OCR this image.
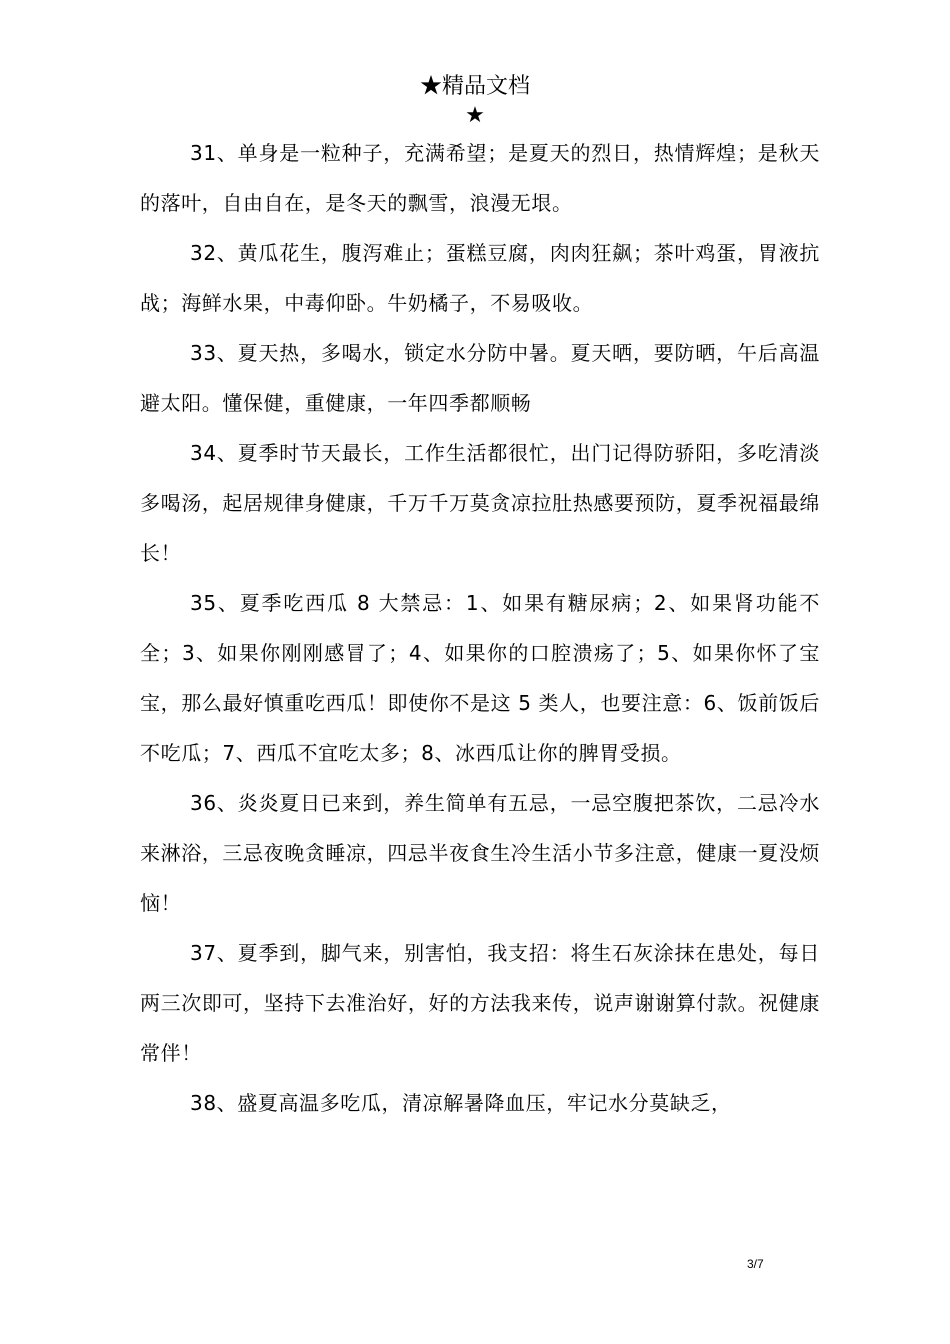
★精品文档
★

31、单身是一粒种子，充满希望；是夏天的烈日，热情辉煌；是秋天的落叶，自由自在，是冬天的飘雪，浪漫无垠。

32、黄瓜花生，腹泻难止；蛋糕豆腐，肉肉狂飙；茶叶鸡蛋，胃液抗战；海鲜水果，中毒仰卧。牛奶橘子，不易吸收。

33、夏天热，多喝水，锁定水分防中暑。夏天晒，要防晒，午后高温避太阳。懂保健，重健康，一年四季都顺畅

34、夏季时节天最长，工作生活都很忙，出门记得防骄阳，多吃清淡多喝汤，起居规律身健康，千万千万莫贪凉拉肚热感要预防，夏季祝福最绵长！

35、夏季吃西瓜 8 大禁忌：1、如果有糖尿病；2、如果肾功能不全；3、如果你刚刚感冒了；4、如果你的口腔溃疡了；5、如果你怀了宝宝，那么最好慎重吃西瓜！即使你不是这 5 类人，也要注意：6、饭前饭后不吃瓜；7、西瓜不宜吃太多；8、冰西瓜让你的脾胃受损。

36、炎炎夏日已来到，养生简单有五忌，一忌空腹把茶饮，二忌冷水来淋浴，三忌夜晚贪睡凉，四忌半夜食生冷生活小节多注意，健康一夏没烦恼！

37、夏季到，脚气来，别害怕，我支招：将生石灰涂抹在患处，每日两三次即可，坚持下去准治好，好的方法我来传，说声谢谢算付款。祝健康常伴！

38、盛夏高温多吃瓜，清凉解暑降血压，牢记水分莫缺乏，

3/7
